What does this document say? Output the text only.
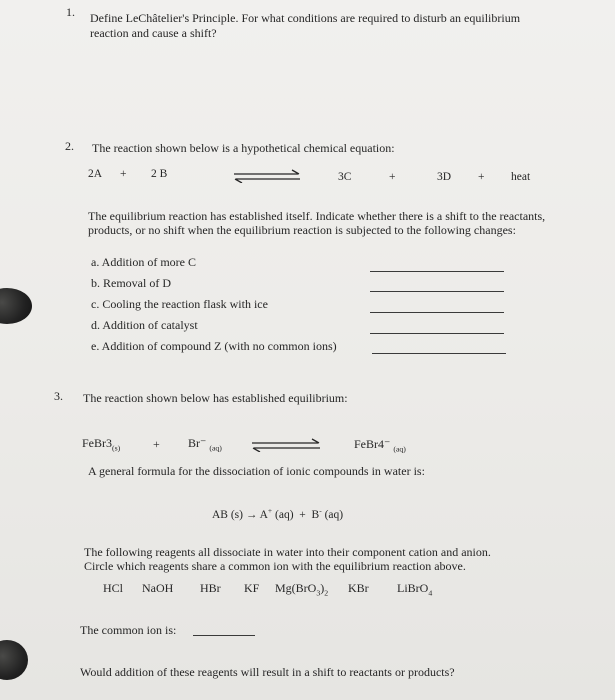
1. Define LeChâtelier's Principle. For what conditions are required to disturb an equilibrium
reaction and cause a shift?
2. The reaction shown below is a hypothetical chemical equation:
2A + 2 B	3C	+	3D + heat
The equilibrium reaction has established itself. Indicate whether there is a shift to the reactants,
products, or no shift when the equilibrium reaction is subjected to the following changes:
a. Addition of more C
b. Removal of D
c. Cooling the reaction flask with ice
d. Addition of catalyst
e. Addition of compound Z (with no common ions)
3. The reaction shown below has established equilibrium:
$FeBr3_{(s)}$	+ Br⁻ $_{(aq)}$	FeBr4⁻ $_{(aq)}$
A general formula for the dissociation of ionic compounds in water is:
AB (s) → A+ (aq)  +  B- (aq)
The following reagents all dissociate in water into their component cation and anion.
Circle which reagents share a common ion with the equilibrium reaction above.
HCl NaOH HBr KF $Mg(BrO_3)_2$ KBr LiBrO$_4$
The common ion is:
Would addition of these reagents will result in a shift to reactants or products?
